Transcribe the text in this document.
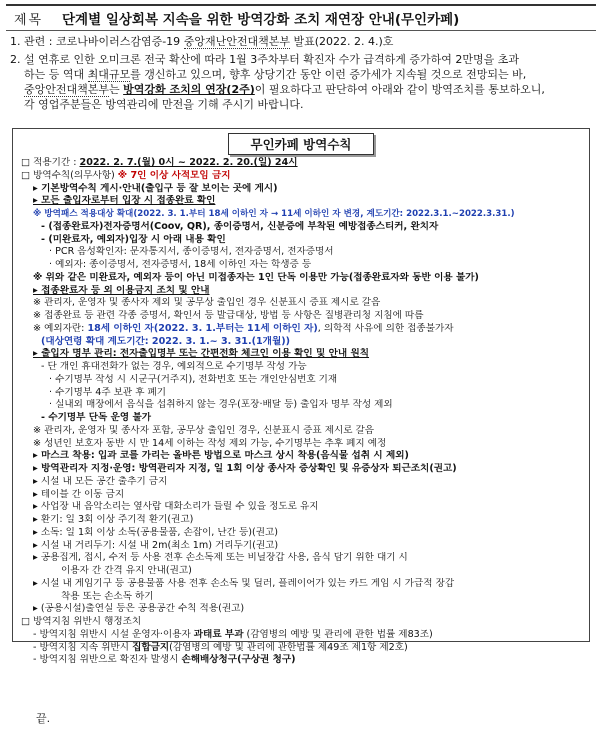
제목	단계별 일상회복 지속을 위한 방역강화 조치 재연장 안내(무인카페)
1. 관련 : 코로나바이러스감염증-19 중앙재난안전대책본부 발표(2022. 2. 4.)호
2. 설 연휴로 인한 오미크론 전국 확산에 따라 1월 3주차부터 확진자 수가 급격하게 증가하여 2만명을 초과
하는 등 역대 최대규모를 갱신하고 있으며, 향후 상당기간 동안 이런 증가세가 지속될 것으로 전망되는 바,
중앙안전대책본부는 방역강화 조치의 연장(2주)이 필요하다고 판단하여 아래와 같이 방역조치를 통보하오니,
각 영업주분들은 방역관리에 만전을 기해 주시기 바랍니다.
무인카페 방역수칙
□ 적용기간 : 2022. 2. 7.(월) 0시 ~ 2022. 2. 20.(일) 24시
□ 방역수칙(의무사항) ※ 7인 이상 사적모임 금지
▸ 기본방역수칙 게시·안내(출입구 등 잘 보이는 곳에 게시)
▸ 모든 출입자로부터 입장 시 접종완료 확인
※ 방역패스 적용대상 확대(2022. 3. 1.부터 18세 이하인 자 → 11세 이하인 자 변경, 계도기간: 2022.3.1.~2022.3.31.)
- (접종완료자)전자증명서(Coov, QR), 종이증명서, 신분증에 부착된 예방접종스티커, 완치자
- (미완료자, 예외자)입장 시 아래 내용 확인
· PCR 음성확인자: 문자통지서, 종이증명서, 전자증명서, 전자증명서
· 예외자: 종이증명서, 전자증명서, 18세 이하인 자는 학생증 등
※ 위와 같은 미완료자, 예외자 등이 아닌 미접종자는 1인 단독 이용만 가능(접종완료자와 동반 이용 불가)
▸ 접종완료자 등 외 이용금지 조치 및 안내
※ 관리자, 운영자 및 종사자 제외 및 공무상 출입인 경우 신분표시 증표 제시로 갈음
※ 접종완료 등 관련 각종 증명서, 확인서 등 발급대상, 방법 등 사항은 질병관리청 지침에 따름
※ 예외자란: 18세 이하인 자(2022. 3. 1.부터는 11세 이하인 자), 의학적 사유에 의한 접종불가자
(대상연령 확대 계도기간: 2022. 3. 1.~ 3. 31.(1개월))
▸ 출입자 명부 관리: 전자출입명부 또는 간편전화 체크인 이용 확인 및 안내 원칙
- 단 개인 휴대전화가 없는 경우, 예외적으로 수기명부 작성 가능
· 수기명부 작성 시 시군구(거주지), 전화번호 또는 개인안심번호 기재
· 수기명부 4주 보관 후 폐기
· 실내외 매장에서 음식을 섭취하지 않는 경우(포장·배달 등) 출입자 명부 작성 제외
- 수기명부 단독 운영 불가
※ 관리자, 운영자 및 종사자 포함, 공무상 출입인 경우, 신분표시 증표 제시로 갈음
※ 성년인 보호자 동반 시 만 14세 이하는 작성 제외 가능, 수기명부는 추후 폐지 예정
▸ 마스크 착용: 입과 코를 가리는 올바른 방법으로 마스크 상시 착용(음식물 섭취 시 제외)
▸ 방역관리자 지정·운영: 방역관리자 지정, 일 1회 이상 종사자 증상확인 및 유증상자 퇴근조치(권고)
▸ 시설 내 모든 공간 출추기 금지
▸ 테이블 간 이동 금지
▸ 사업장 내 음악소리는 옆사람 대화소리가 들릴 수 있을 정도로 유지
▸ 환기: 일 3회 이상 주기적 환기(권고)
▸ 소독: 일 1회 이상 소독(공용물품, 손잡이, 난간 등)(권고)
▸ 시설 내 거리두기: 시설 내 2m(최소 1m) 거리두기(권고)
▸ 공용집게, 접시, 수저 등 사용 전후 손소독제 또는 비닐장갑 사용, 음식 담기 위한 대기 시
이용자 간 간격 유지 안내(권고)
▸ 시설 내 게임기구 등 공용물품 사용 전후 손소독 및 딜러, 플레이어가 있는 카드 게임 시 가급적 장갑
착용 또는 손소독 하기
▸ (공용시설)출연실 등은 공용공간 수칙 적용(권고)
□ 방역지침 위반시 행정조치
- 방역지침 위반시 시설 운영자·이용자 과태료 부과 (감염병의 예방 및 관리에 관한 법률 제83조)
- 방역지침 지속 위반시 집합금지(감염병의 예방 및 관리에 관한법률 제49조 제1항 제2호)
- 방역지침 위반으로 확진자 발생시 손해배상청구(구상권 청구)
끝.
